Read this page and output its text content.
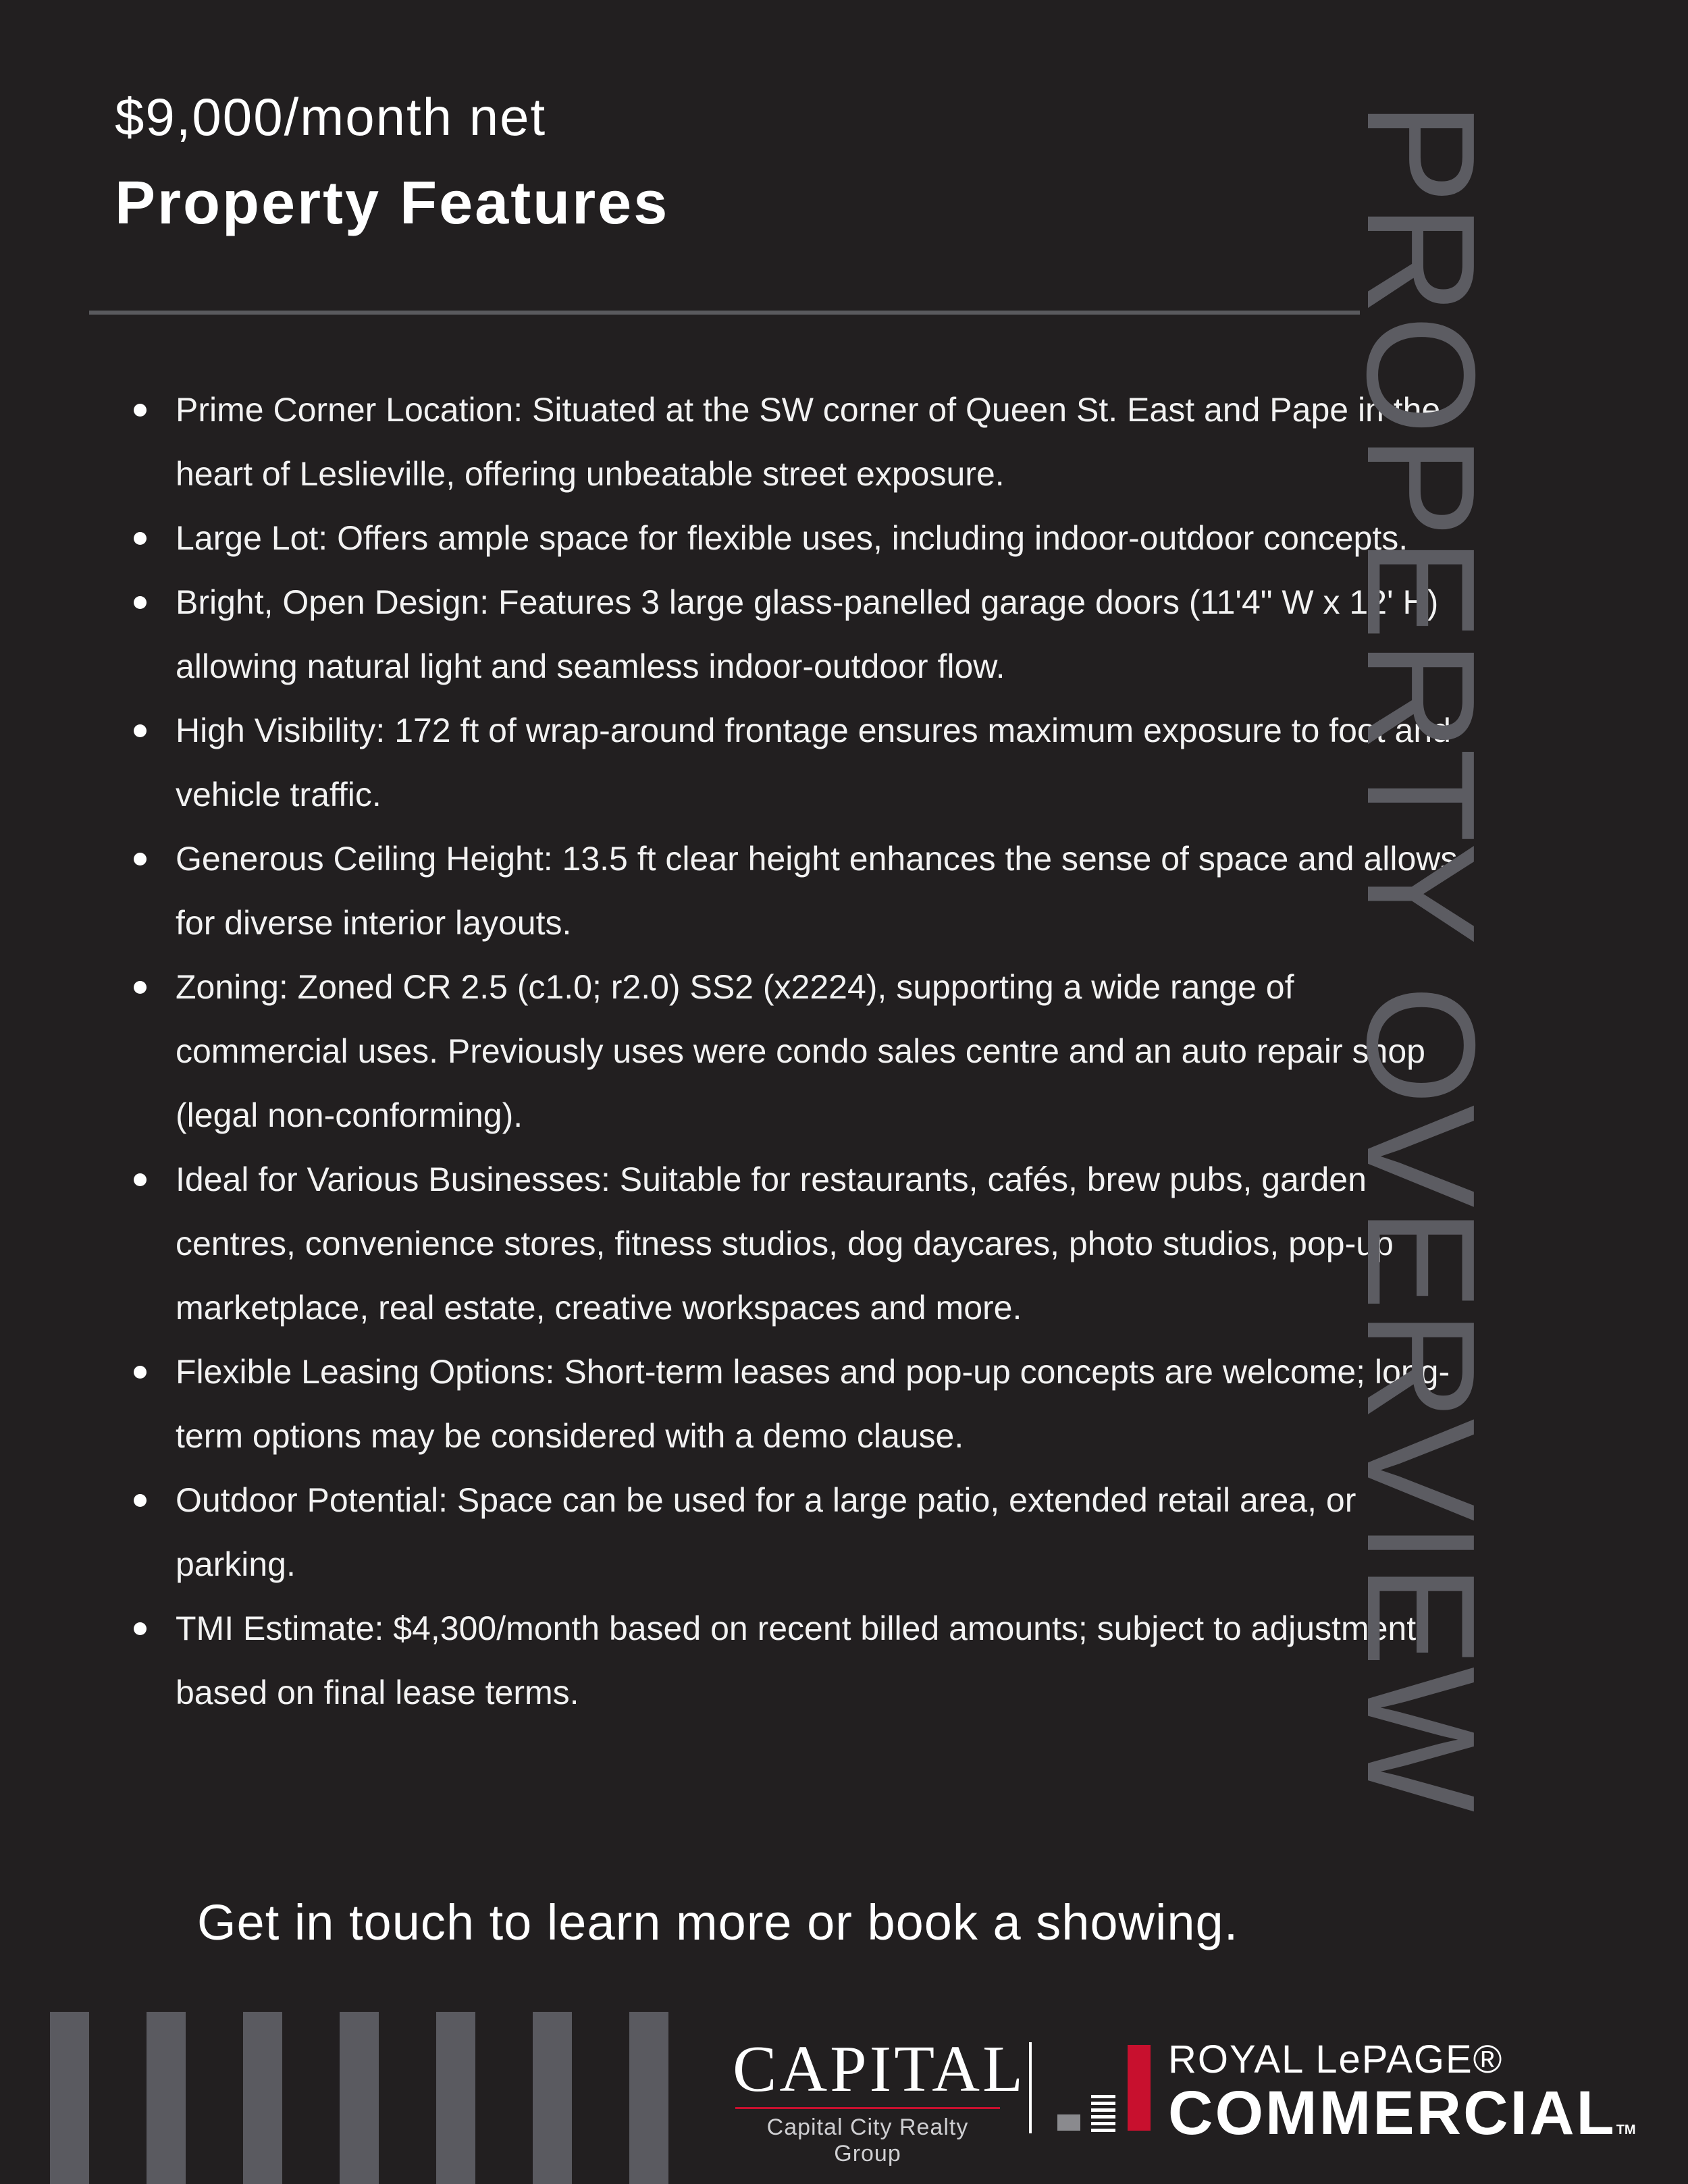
$9,000/month net
Property Features
Prime Corner Location: Situated at the SW corner of Queen St. East and Pape in the heart of Leslieville, offering unbeatable street exposure.
Large Lot: Offers ample space for flexible uses, including indoor-outdoor concepts.
Bright, Open Design: Features 3 large glass-panelled garage doors (11'4" W x 12' H) allowing natural light and seamless indoor-outdoor flow.
High Visibility: 172 ft of wrap-around frontage ensures maximum exposure to foot and vehicle traffic.
Generous Ceiling Height: 13.5 ft clear height enhances the sense of space and allows for diverse interior layouts.
Zoning: Zoned CR 2.5 (c1.0; r2.0) SS2 (x2224), supporting a wide range of commercial uses. Previously uses were condo sales centre and an auto repair shop (legal non-conforming).
Ideal for Various Businesses: Suitable for restaurants, cafés, brew pubs, garden centres, convenience stores, fitness studios, dog daycares, photo studios, pop-up marketplace, real estate, creative workspaces and more.
Flexible Leasing Options: Short-term leases and pop-up concepts are welcome; long-term options may be considered with a demo clause.
Outdoor Potential: Space can be used for a large patio, extended retail area, or parking.
TMI Estimate: $4,300/month based on recent billed amounts; subject to adjustment based on final lease terms.

Get in touch to learn more or book a showing.

PROPERTY OVERVIEW
CAPITAL
Capital City Realty Group
ROYAL LePAGE®
COMMERCIALTM
